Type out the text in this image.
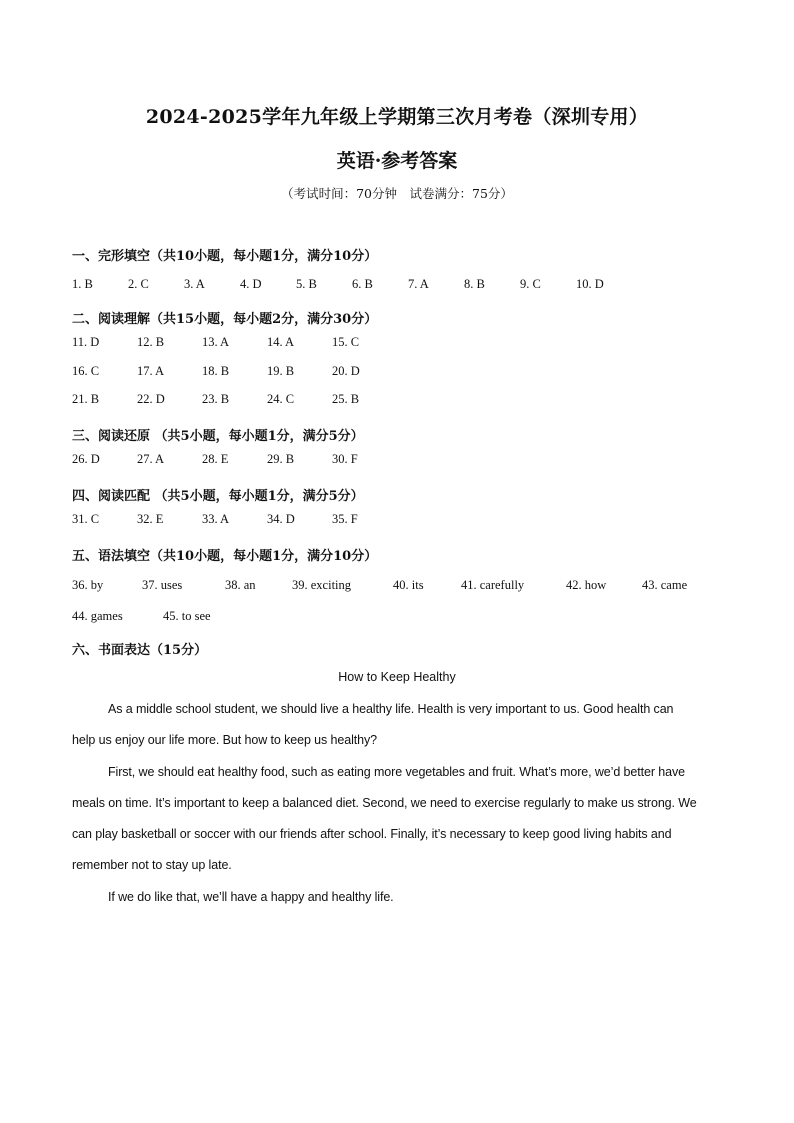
2024-2025学年九年级上学期第三次月考卷（深圳专用）
英语·参考答案
（考试时间：70分钟　试卷满分：75分）
一、完形填空（共10小题，每小题1分，满分10分）
1. B	2. C	3. A	4. D	5. B	6. B	7. A	8. B	9. C	10. D
二、阅读理解（共15小题，每小题2分，满分30分）
11. D	12. B	13. A	14. A	15. C
16. C	17. A	18. B	19. B	20. D
21. B	22. D	23. B	24. C	25. B
三、阅读还原 （共5小题，每小题1分，满分5分）
26. D	27. A	28. E	29. B	30. F
四、阅读匹配 （共5小题，每小题1分，满分5分）
31. C	32. E	33. A	34. D	35. F
五、语法填空（共10小题，每小题1分，满分10分）
36. by	37. uses	38. an	39. exciting	40. its	41. carefully	42. how	43. came
44. games	45. to see
六、书面表达（15分）
How to Keep Healthy
As a middle school student, we should live a healthy life. Health is very important to us. Good health can
help us enjoy our life more. But how to keep us healthy?
First, we should eat healthy food, such as eating more vegetables and fruit. What’s more, we’d better have
meals on time. It’s important to keep a balanced diet. Second, we need to exercise regularly to make us strong. We
can play basketball or soccer with our friends after school. Finally, it’s necessary to keep good living habits and
remember not to stay up late.
If we do like that, we’ll have a happy and healthy life.
